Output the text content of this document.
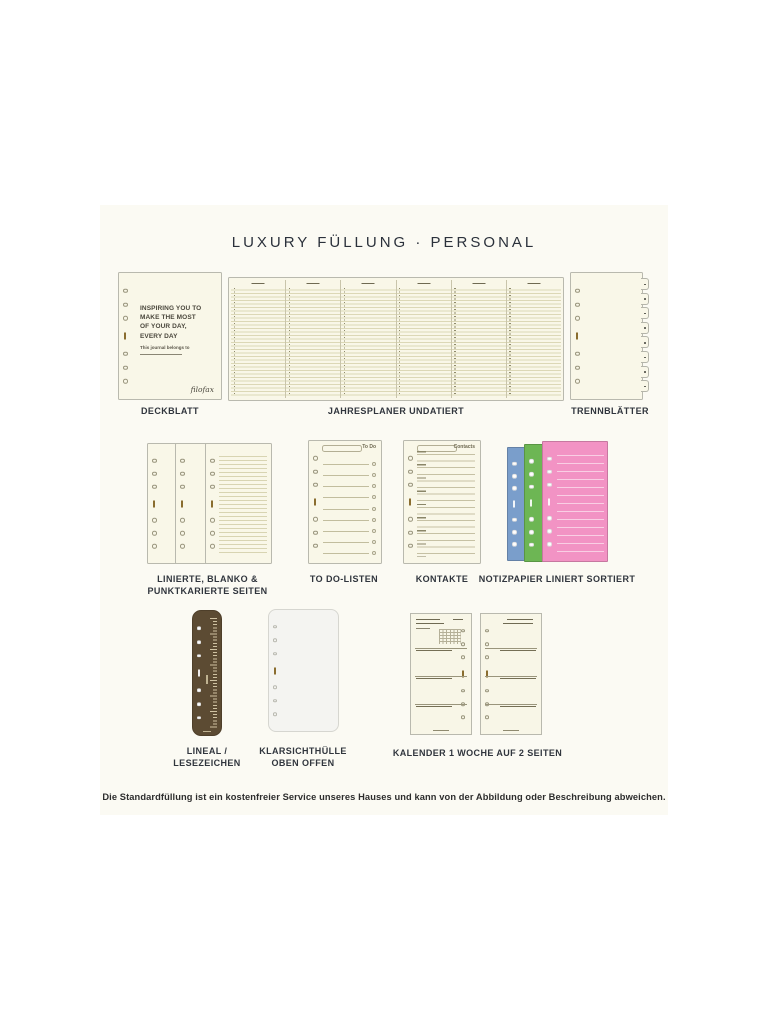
LUXURY FÜLLUNG · PERSONAL
INSPIRING YOU TO MAKE THE MOST OF YOUR DAY, EVERY DAY
This journal belongs to
filofax
DECKBLATT	JAHRESPLANER UNDATIERT	TRENNBLÄTTER
To Do	Contacts
LINIERTE, BLANKO &
PUNKTKARIERTE SEITEN
TO DO-LISTEN	KONTAKTE	NOTIZPAPIER LINIERT SORTIERT
LINEAL /
LESEZEICHEN
KLARSICHTHÜLLE
OBEN OFFEN
KALENDER 1 WOCHE AUF 2 SEITEN
Die Standardfüllung ist ein kostenfreier Service unseres Hauses und kann von der Abbildung oder Beschreibung abweichen.
